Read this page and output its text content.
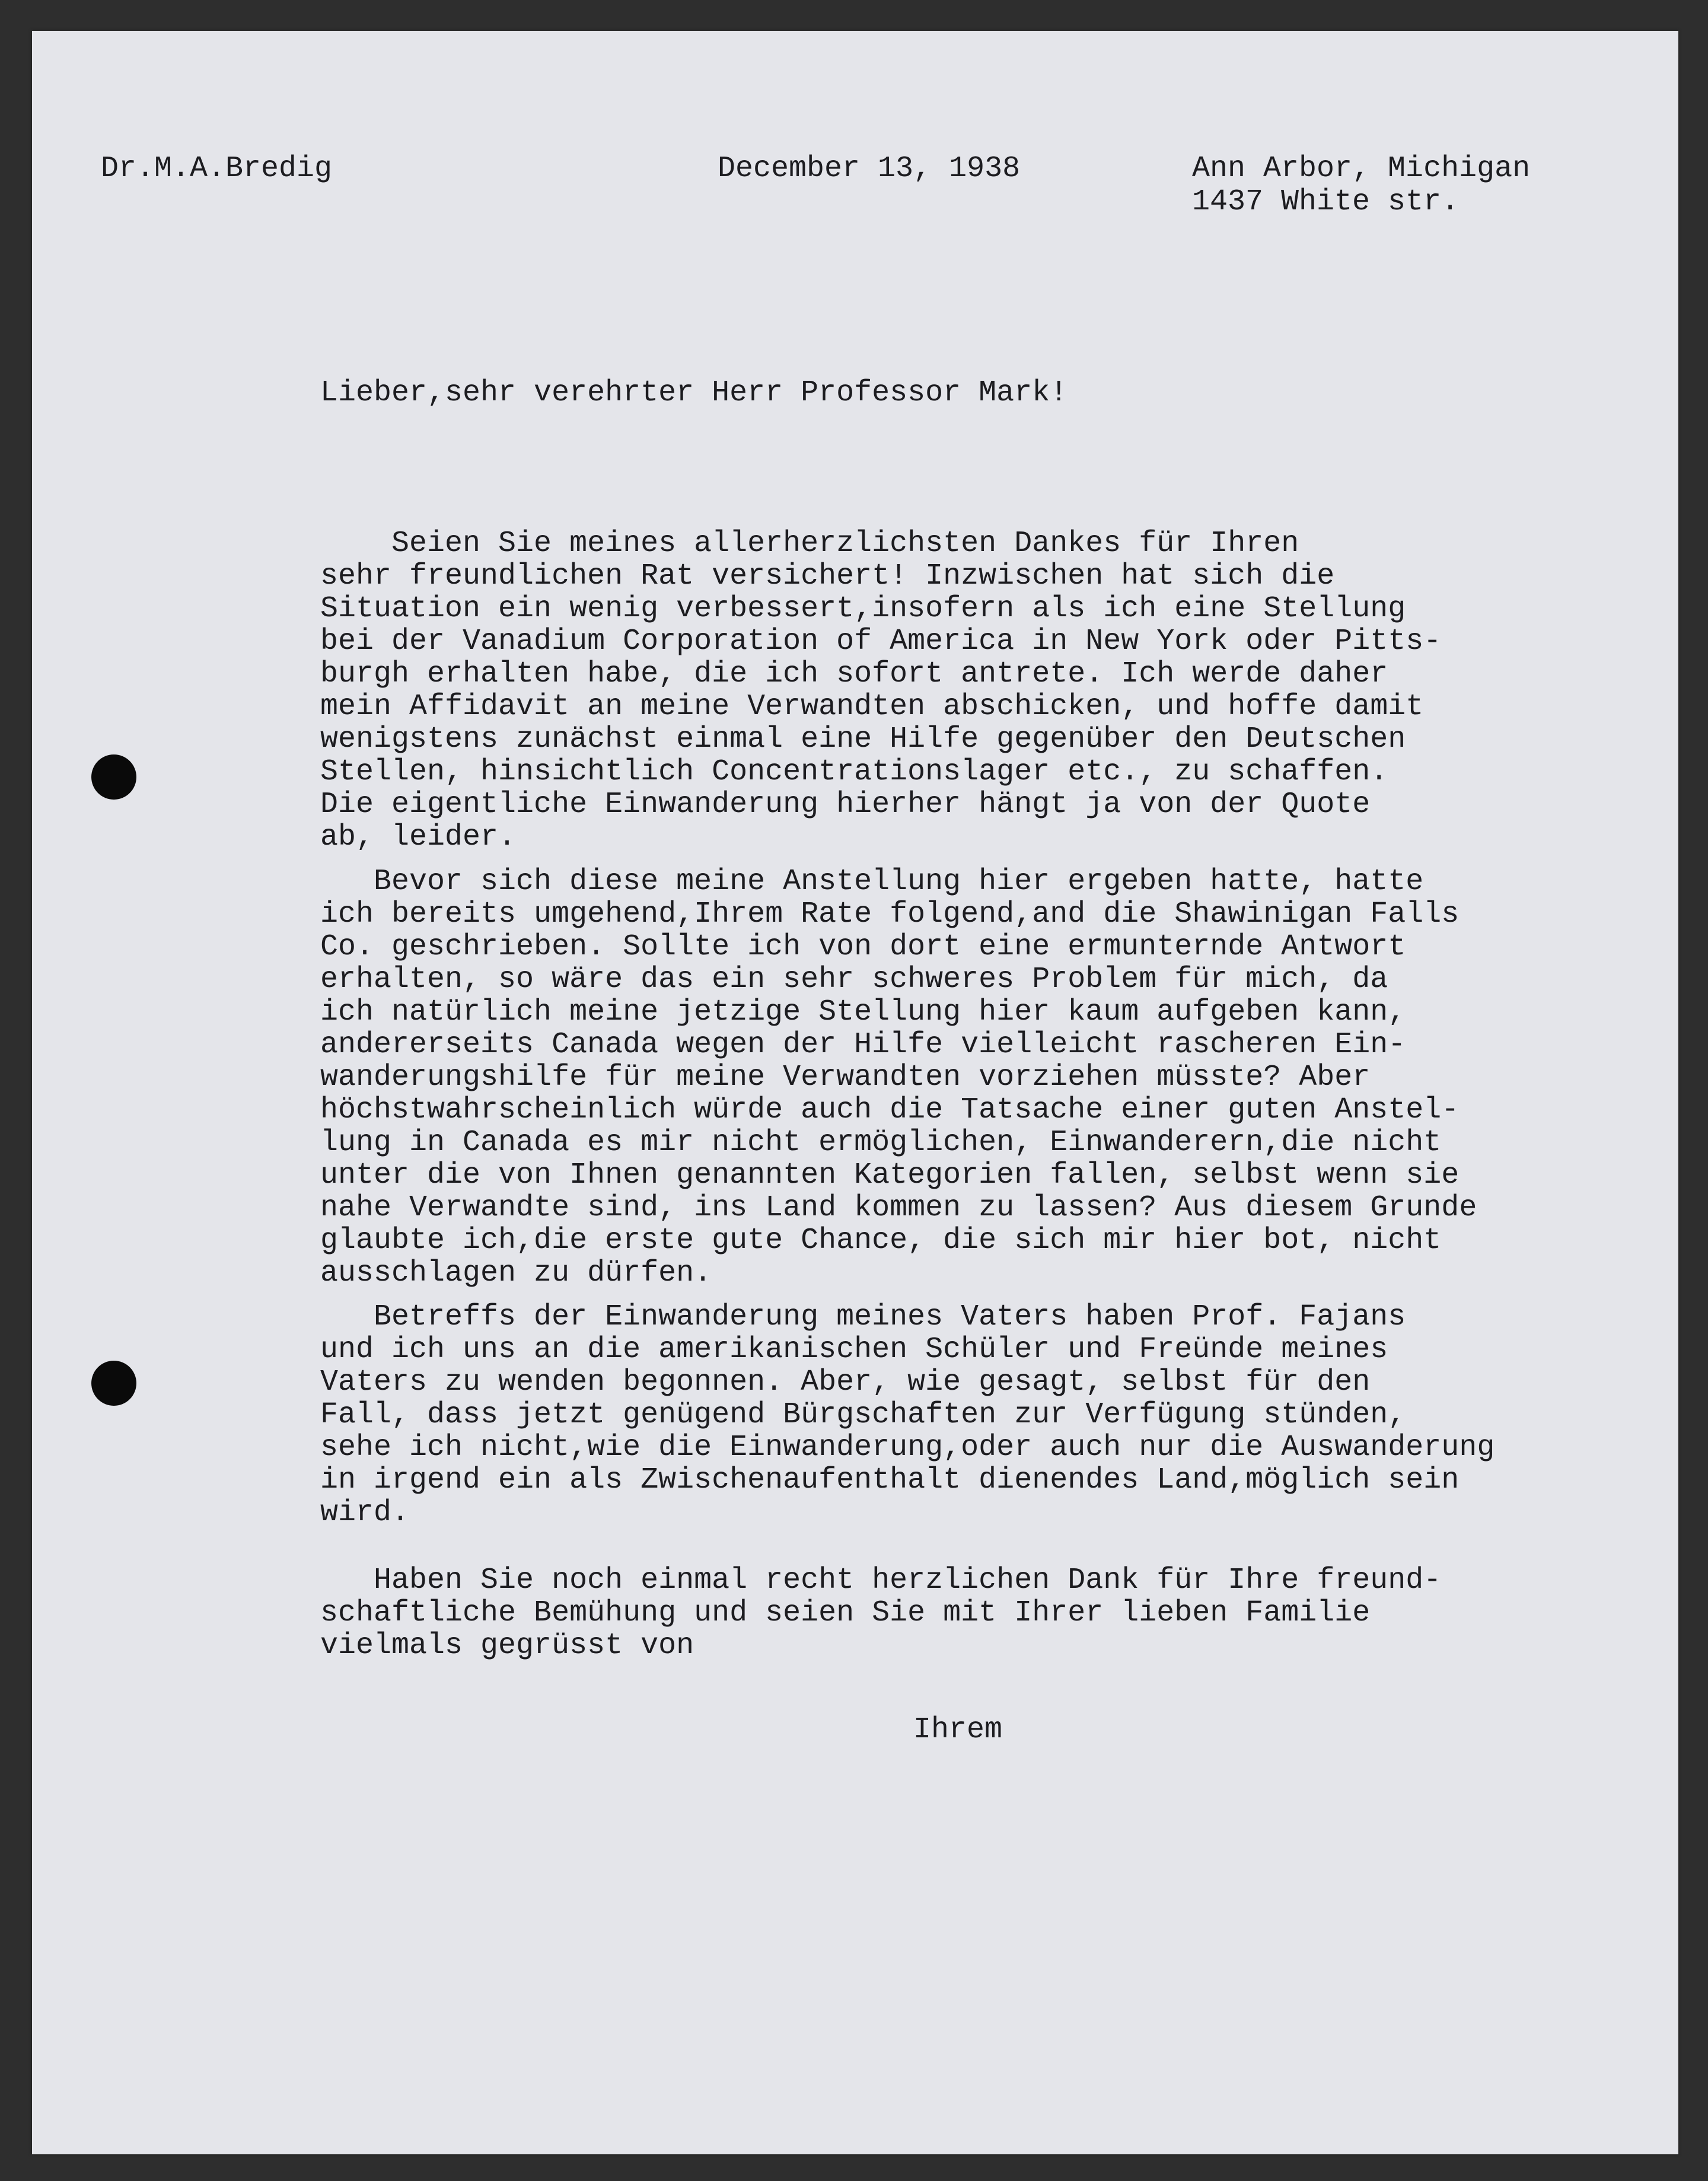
Dr.M.A.Bredig	December 13, 1938	Ann Arbor, Michigan
1437 White str.
Lieber,sehr verehrter Herr Professor Mark!

Seien Sie meines allerherzlichsten Dankes für Ihren

sehr freundlichen Rat versichert! Inzwischen hat sich die

Situation ein wenig verbessert,insofern als ich eine Stellung

bei der Vanadium Corporation of America in New York oder Pitts-

burgh erhalten habe, die ich sofort antrete. Ich werde daher

mein Affidavit an meine Verwandten abschicken, und hoffe damit

wenigstens zunächst einmal eine Hilfe gegenüber den Deutschen

Stellen, hinsichtlich Concentrationslager etc., zu schaffen.

Die eigentliche Einwanderung hierher hängt ja von der Quote

ab, leider.

Bevor sich diese meine Anstellung hier ergeben hatte, hatte

ich bereits umgehend,Ihrem Rate folgend,and die Shawinigan Falls

Co. geschrieben. Sollte ich von dort eine ermunternde Antwort

erhalten, so wäre das ein sehr schweres Problem für mich, da

ich natürlich meine jetzige Stellung hier kaum aufgeben kann,

andererseits Canada wegen der Hilfe vielleicht rascheren Ein-

wanderungshilfe für meine Verwandten vorziehen müsste? Aber

höchstwahrscheinlich würde auch die Tatsache einer guten Anstel-

lung in Canada es mir nicht ermöglichen, Einwanderern,die nicht

unter die von Ihnen genannten Kategorien fallen, selbst wenn sie

nahe Verwandte sind, ins Land kommen zu lassen? Aus diesem Grunde

glaubte ich,die erste gute Chance, die sich mir hier bot, nicht

ausschlagen zu dürfen.

Betreffs der Einwanderung meines Vaters haben Prof. Fajans

und ich uns an die amerikanischen Schüler und Freünde meines

Vaters zu wenden begonnen. Aber, wie gesagt, selbst für den

Fall, dass jetzt genügend Bürgschaften zur Verfügung stünden,

sehe ich nicht,wie die Einwanderung,oder auch nur die Auswanderung

in irgend ein als Zwischenaufenthalt dienendes Land,möglich sein

wird.

Haben Sie noch einmal recht herzlichen Dank für Ihre freund-

schaftliche Bemühung und seien Sie mit Ihrer lieben Familie

vielmals gegrüsst von

Ihrem
